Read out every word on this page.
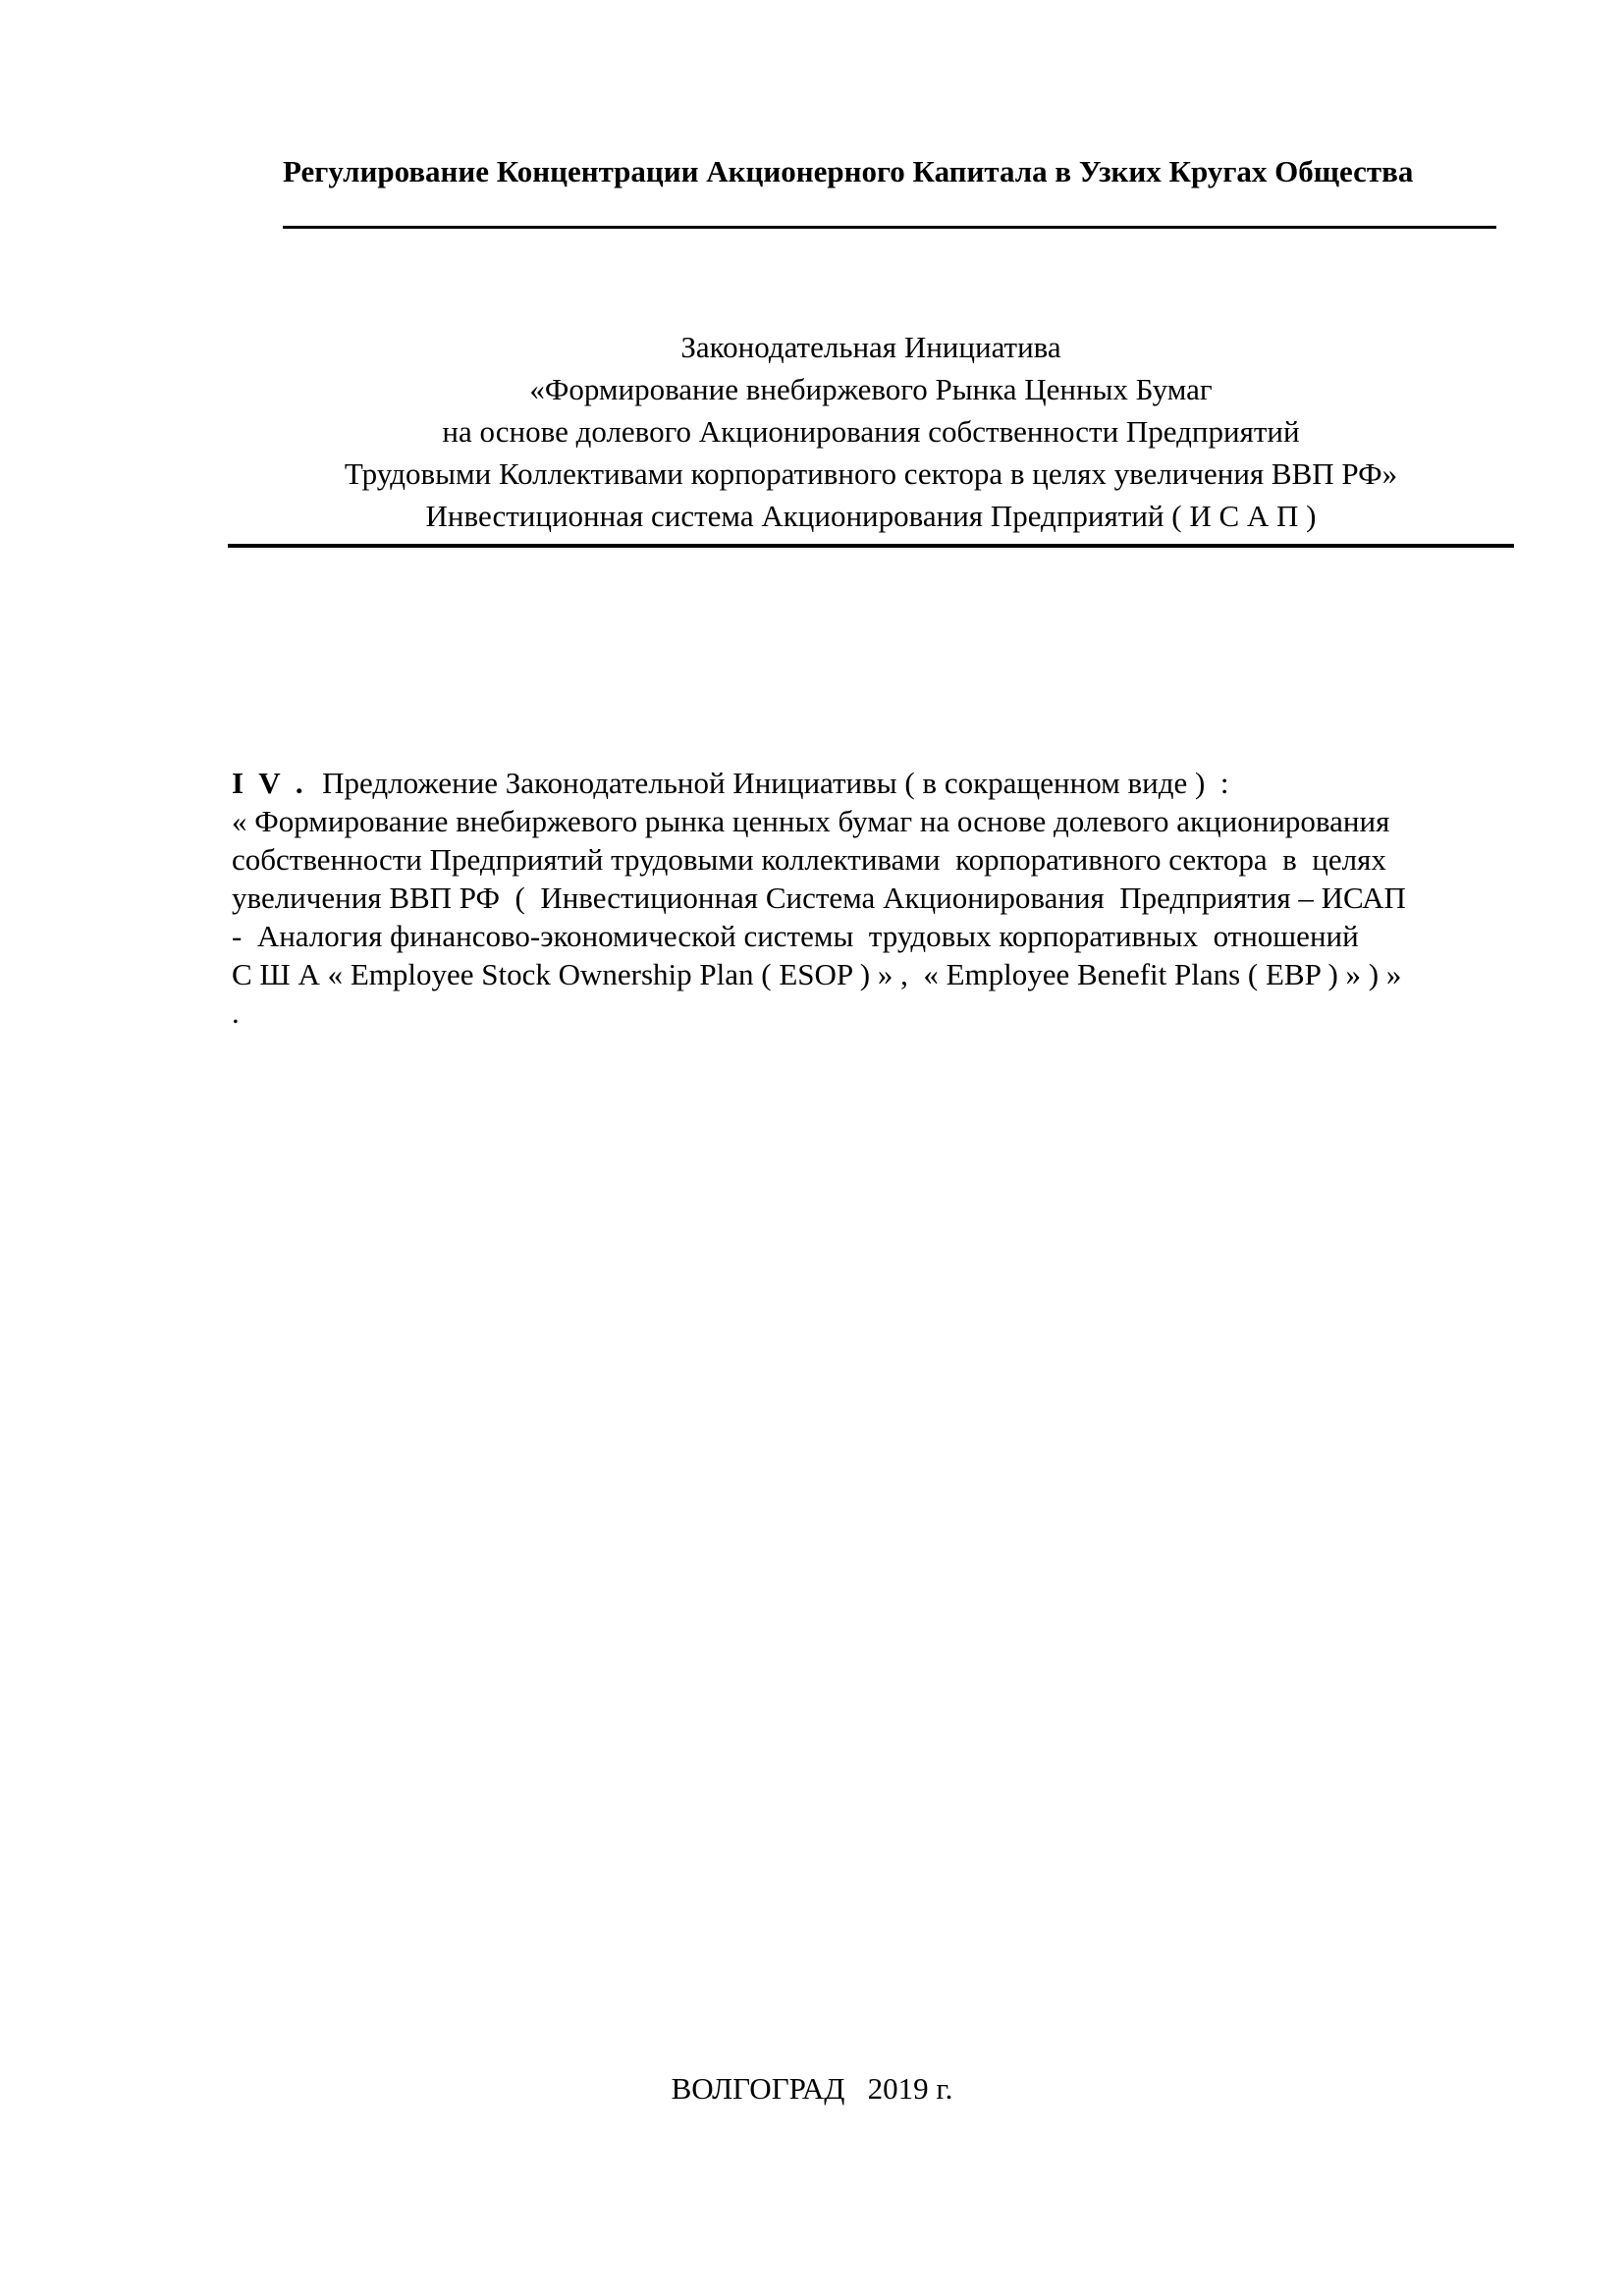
Регулирование Концентрации Акционерного Капитала в Узких Кругах Общества
Законодательная Инициатива
«Формирование внебиржевого Рынка Ценных Бумаг
на основе долевого Акционирования собственности Предприятий
Трудовыми Коллективами корпоративного сектора в целях увеличения ВВП РФ»
Инвестиционная система Акционирования Предприятий ( И С А П )
I V .  Предложение Законодательной Инициативы ( в сокращенном виде )  :
« Формирование внебиржевого рынка ценных бумаг на основе долевого акционирования
собственности Предприятий трудовыми коллективами  корпоративного сектора  в  целях
увеличения ВВП РФ  (  Инвестиционная Система Акционирования  Предприятия – ИСАП
-  Аналогия финансово-экономической системы  трудовых корпоративных  отношений
С Ш А « Employee Stock Ownership Plan ( ESOP ) » ,  « Employee Benefit Plans ( EBP ) » ) »
.
ВОЛГОГРАД   2019 г.
